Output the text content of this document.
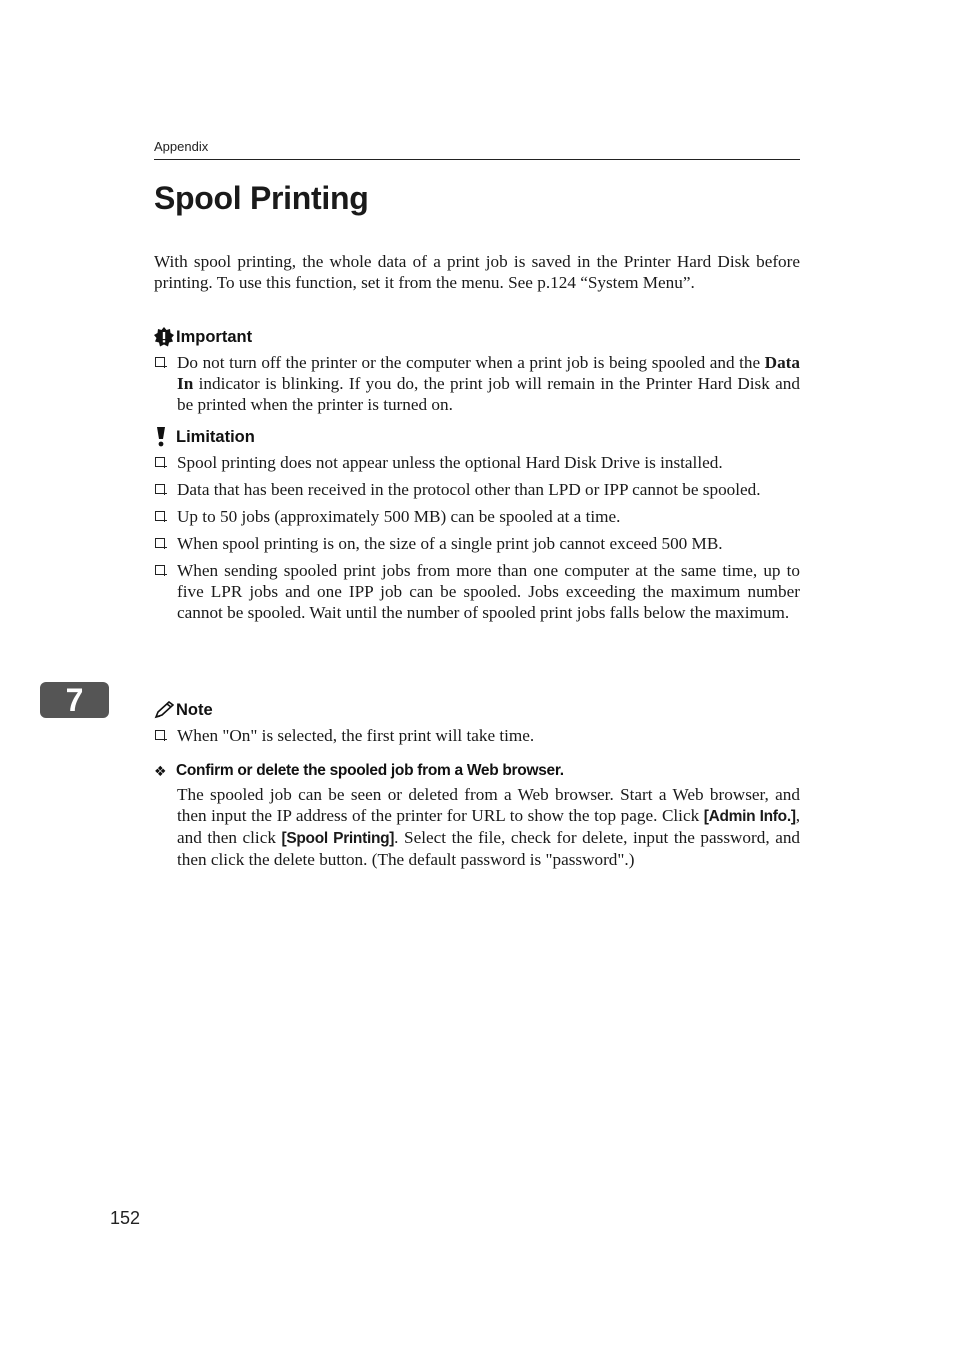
Appendix
Spool Printing

With spool printing, the whole data of a print job is saved in the Printer Hard Disk before printing. To use this function, set it from the menu. See p.124 “System Menu”.

Important
Do not turn off the printer or the computer when a print job is being spooled and the Data In indicator is blinking. If you do, the print job will remain in the Printer Hard Disk and be printed when the printer is turned on.
Limitation
Spool printing does not appear unless the optional Hard Disk Drive is installed.
Data that has been received in the protocol other than LPD or IPP cannot be spooled.
Up to 50 jobs (approximately 500 MB) can be spooled at a time.
When spool printing is on, the size of a single print job cannot exceed 500 MB.
When sending spooled print jobs from more than one computer at the same time, up to five LPR jobs and one IPP job can be spooled. Jobs exceeding the maximum number cannot be spooled. Wait until the number of spooled print jobs falls below the maximum.
7	Note
When "On" is selected, the first print will take time.
❖ Confirm or delete the spooled job from a Web browser.

The spooled job can be seen or deleted from a Web browser. Start a Web browser, and then input the IP address of the printer for URL to show the top page. Click [Admin Info.], and then click [Spool Printing]. Select the file, check for delete, input the password, and then click the delete button. (The default password is "password".)

152
